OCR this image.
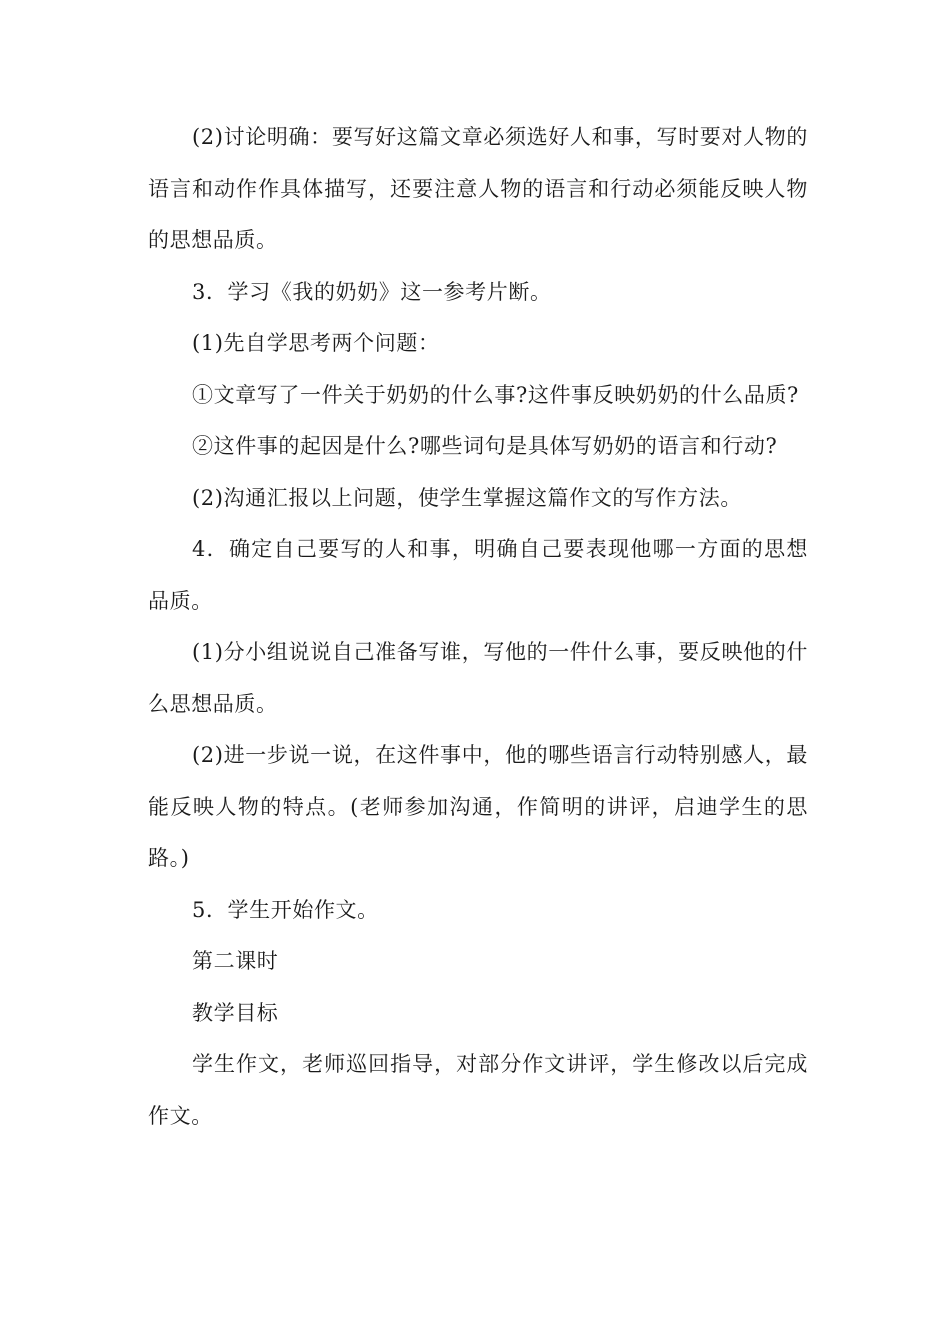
(2)讨论明确：要写好这篇文章必须选好人和事，写时要对人物的语言和动作作具体描写，还要注意人物的语言和行动必须能反映人物的思想品质。

3．学习《我的奶奶》这一参考片断。

(1)先自学思考两个问题：

①文章写了一件关于奶奶的什么事?这件事反映奶奶的什么品质?

②这件事的起因是什么?哪些词句是具体写奶奶的语言和行动?

(2)沟通汇报以上问题，使学生掌握这篇作文的写作方法。

4．确定自己要写的人和事，明确自己要表现他哪一方面的思想品质。

(1)分小组说说自己准备写谁，写他的一件什么事，要反映他的什么思想品质。

(2)进一步说一说，在这件事中，他的哪些语言行动特别感人，最能反映人物的特点。(老师参加沟通，作简明的讲评，启迪学生的思路。)

5．学生开始作文。

第二课时

教学目标

学生作文，老师巡回指导，对部分作文讲评，学生修改以后完成作文。
